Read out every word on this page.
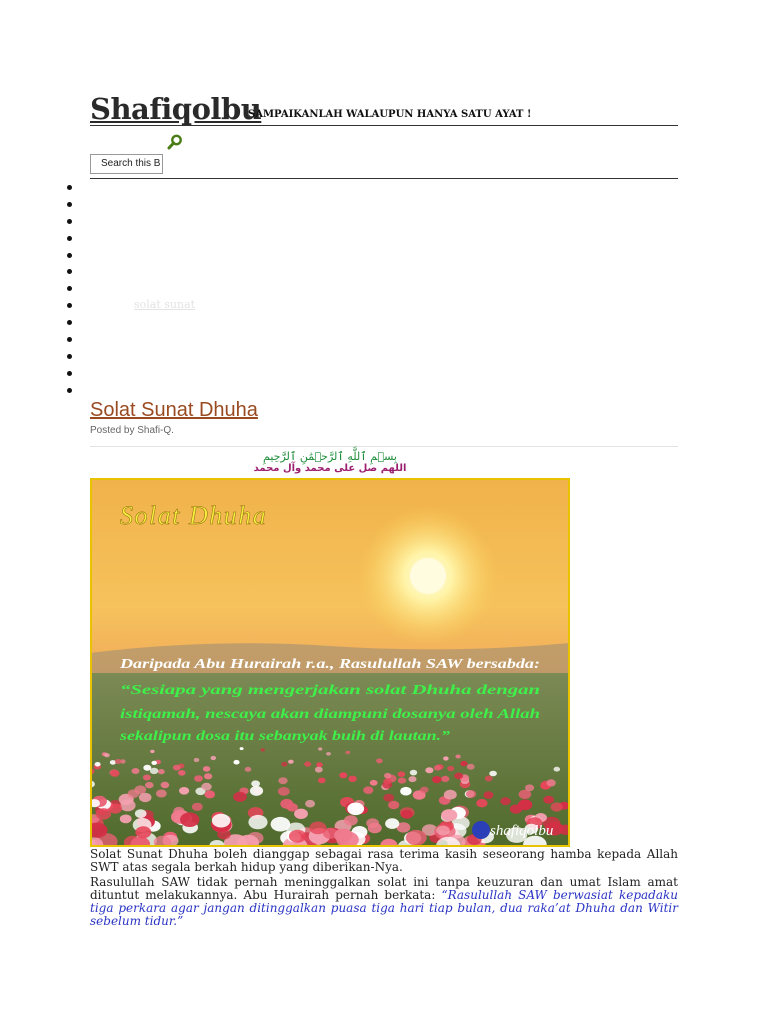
Shafiqolbu
SAMPAIKANLAH WALAUPUN HANYA SATU AYAT !
Search this B
solat sunat
Solat Sunat Dhuha
Posted by Shafi-Q.
بِسۡمِ ٱللَّهِ ٱلرَّحۡمَٰنِ ٱلرَّحِيمِ
اللهم صل على محمد وآل محمد
Solat Dhuha
Daripada Abu Hurairah r.a., Rasulullah SAW bersabda:
“Sesiapa yang mengerjakan solat Dhuha dengan
istiqamah, nescaya akan diampuni dosanya oleh Allah
sekalipun dosa itu sebanyak buih di lautan.”
shafiqolbu
Solat Sunat Dhuha boleh dianggap sebagai rasa terima kasih seseorang hamba kepada Allah SWT atas segala berkah hidup yang diberikan-Nya.
Rasulullah SAW tidak pernah meninggalkan solat ini tanpa keuzuran dan umat Islam amat dituntut melakukannya. Abu Hurairah pernah berkata: “Rasulullah SAW berwasiat kepadaku tiga perkara agar jangan ditinggalkan puasa tiga hari tiap bulan, dua raka’at Dhuha dan Witir sebelum tidur.”
